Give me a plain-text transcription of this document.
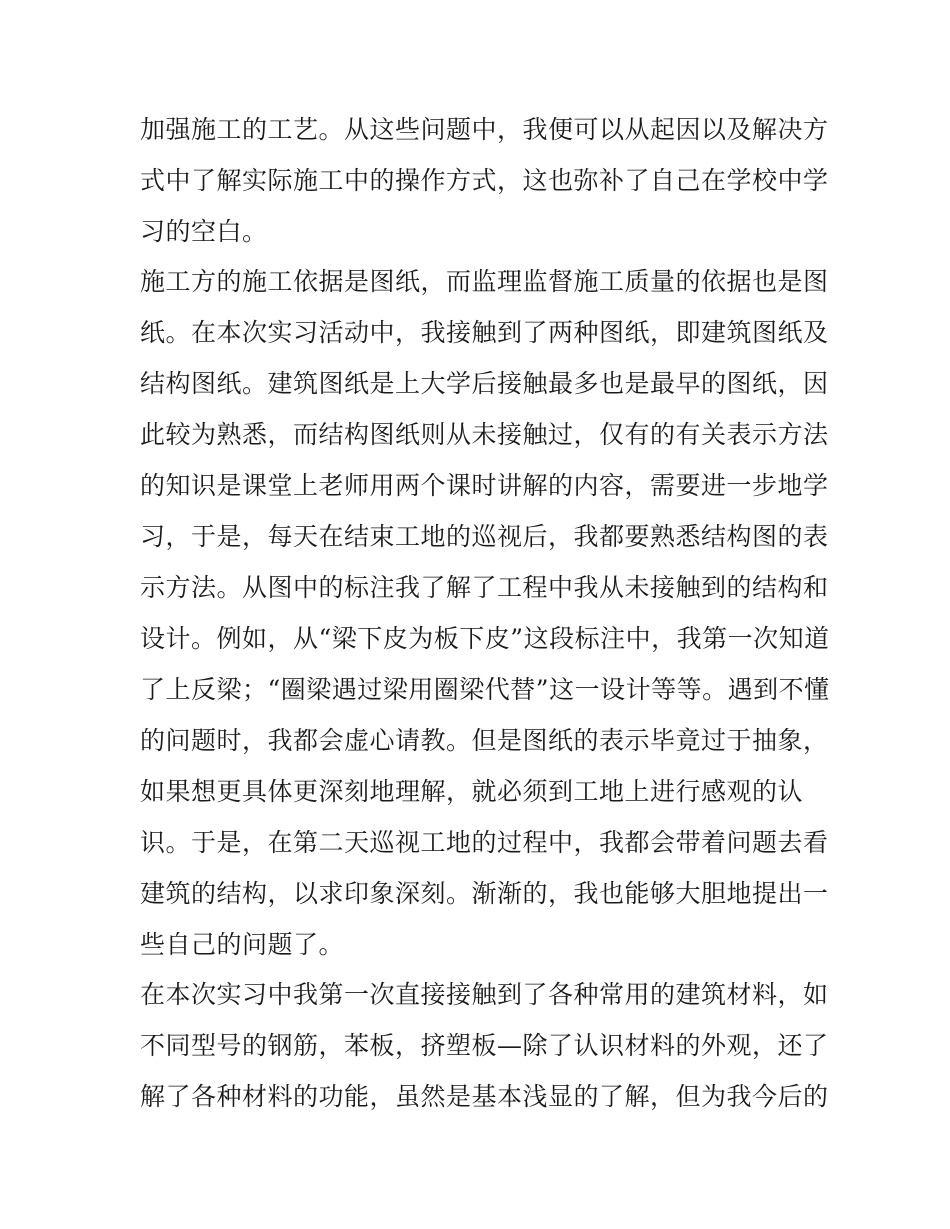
加强施工的工艺。从这些问题中，我便可以从起因以及解决方

式中了解实际施工中的操作方式，这也弥补了自己在学校中学

习的空白。

施工方的施工依据是图纸，而监理监督施工质量的依据也是图

纸。在本次实习活动中，我接触到了两种图纸，即建筑图纸及

结构图纸。建筑图纸是上大学后接触最多也是最早的图纸，因

此较为熟悉，而结构图纸则从未接触过，仅有的有关表示方法

的知识是课堂上老师用两个课时讲解的内容，需要进一步地学

习，于是，每天在结束工地的巡视后，我都要熟悉结构图的表

示方法。从图中的标注我了解了工程中我从未接触到的结构和

设计。例如，从“梁下皮为板下皮”这段标注中，我第一次知道

了上反梁；“圈梁遇过梁用圈梁代替”这一设计等等。遇到不懂

的问题时，我都会虚心请教。但是图纸的表示毕竟过于抽象，

如果想更具体更深刻地理解，就必须到工地上进行感观的认

识。于是，在第二天巡视工地的过程中，我都会带着问题去看

建筑的结构，以求印象深刻。渐渐的，我也能够大胆地提出一

些自己的问题了。

在本次实习中我第一次直接接触到了各种常用的建筑材料，如

不同型号的钢筋，苯板，挤塑板—除了认识材料的外观，还了

解了各种材料的功能，虽然是基本浅显的了解，但为我今后的
